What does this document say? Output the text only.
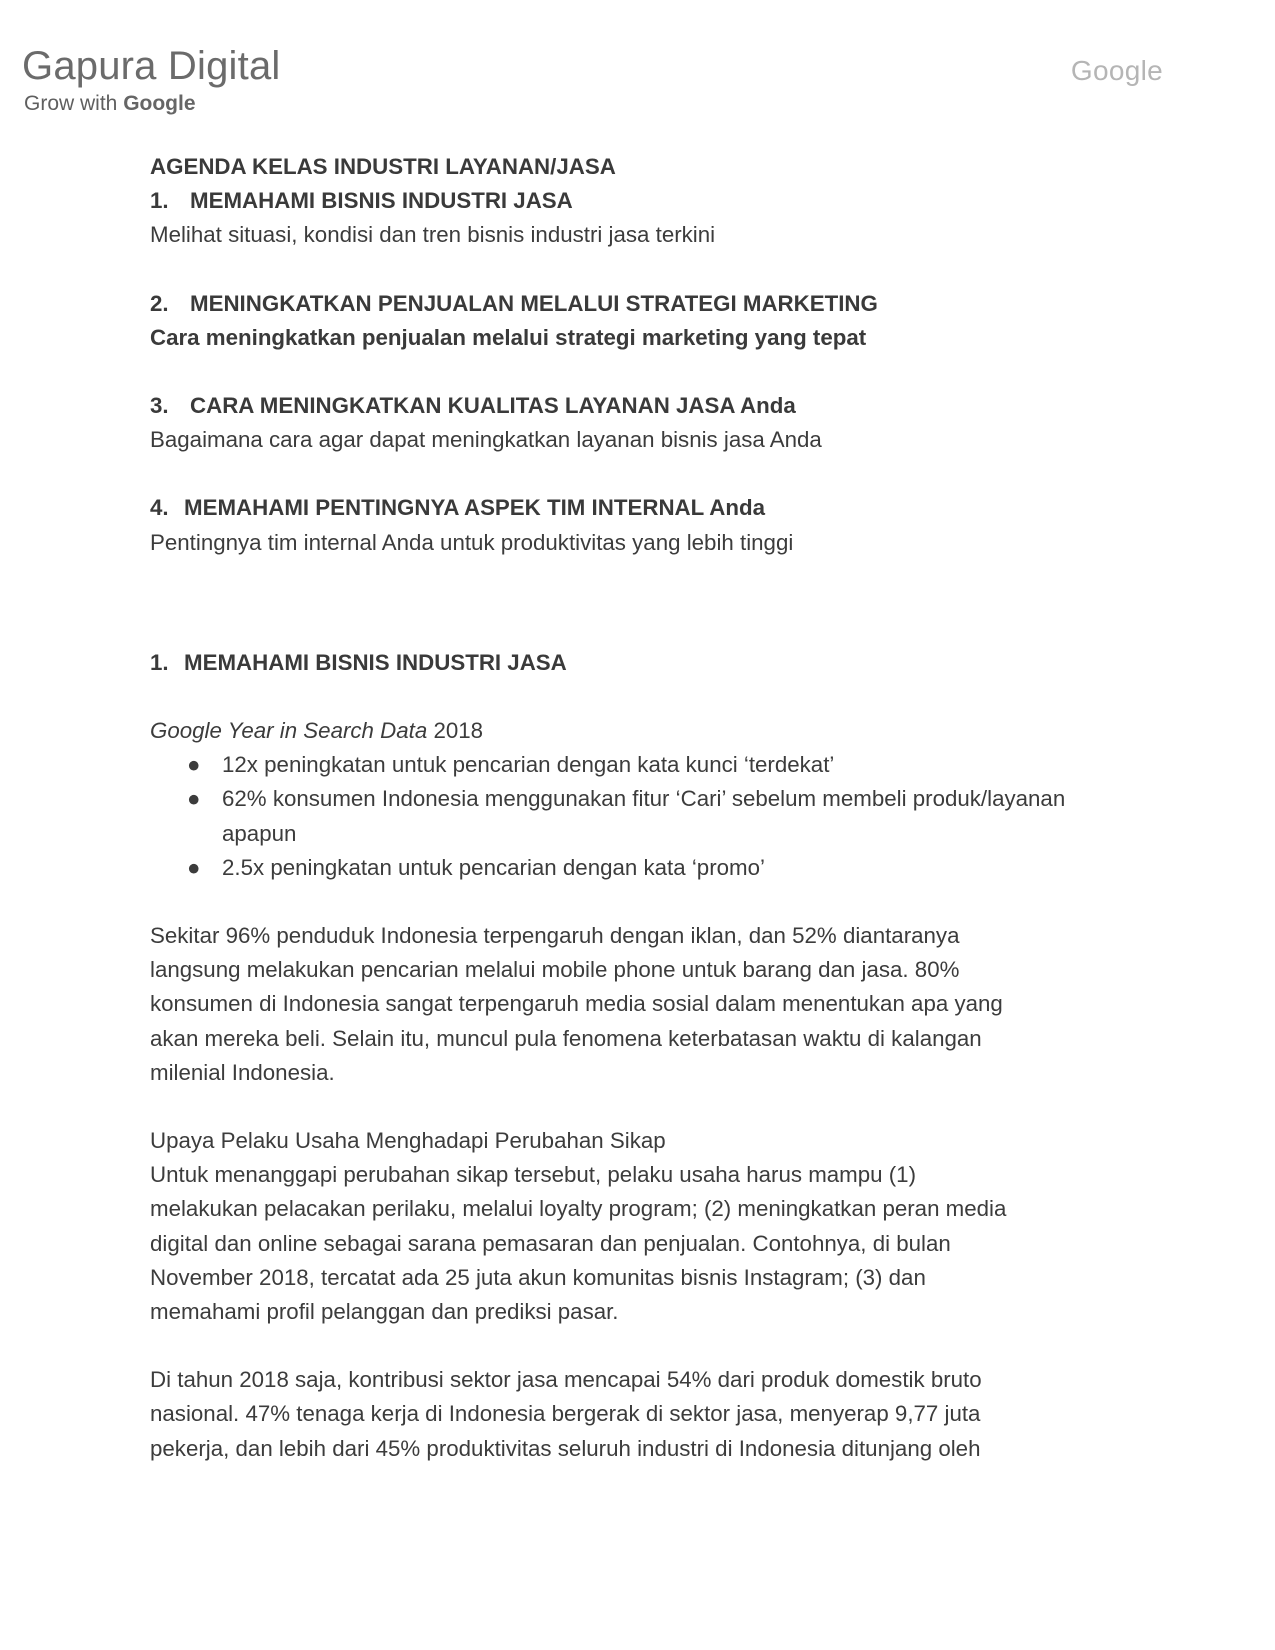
Gapura Digital
Grow with Google
Google
AGENDA KELAS INDUSTRI LAYANAN/JASA
1. MEMAHAMI BISNIS INDUSTRI JASA
Melihat situasi, kondisi dan tren bisnis industri jasa terkini
2. MENINGKATKAN PENJUALAN MELALUI STRATEGI MARKETING
Cara meningkatkan penjualan melalui strategi marketing yang tepat
3. CARA MENINGKATKAN KUALITAS LAYANAN JASA Anda
Bagaimana cara agar dapat meningkatkan layanan bisnis jasa Anda
4. MEMAHAMI PENTINGNYA ASPEK TIM INTERNAL Anda
Pentingnya tim internal Anda untuk produktivitas yang lebih tinggi
1. MEMAHAMI BISNIS INDUSTRI JASA
Google Year in Search Data 2018
● 12x peningkatan untuk pencarian dengan kata kunci ‘terdekat’
● 62% konsumen Indonesia menggunakan fitur ‘Cari’ sebelum membeli produk/layanan apapun
● 2.5x peningkatan untuk pencarian dengan kata ‘promo’

Sekitar 96% penduduk Indonesia terpengaruh dengan iklan, dan 52% diantaranya
langsung melakukan pencarian melalui mobile phone untuk barang dan jasa. 80%
konsumen di Indonesia sangat terpengaruh media sosial dalam menentukan apa yang
akan mereka beli. Selain itu, muncul pula fenomena keterbatasan waktu di kalangan
milenial Indonesia.

Upaya Pelaku Usaha Menghadapi Perubahan Sikap

Untuk menanggapi perubahan sikap tersebut, pelaku usaha harus mampu (1)
melakukan pelacakan perilaku, melalui loyalty program; (2) meningkatkan peran media
digital dan online sebagai sarana pemasaran dan penjualan. Contohnya, di bulan
November 2018, tercatat ada 25 juta akun komunitas bisnis Instagram; (3) dan
memahami profil pelanggan dan prediksi pasar.

Di tahun 2018 saja, kontribusi sektor jasa mencapai 54% dari produk domestik bruto
nasional. 47% tenaga kerja di Indonesia bergerak di sektor jasa, menyerap 9,77 juta
pekerja, dan lebih dari 45% produktivitas seluruh industri di Indonesia ditunjang oleh
